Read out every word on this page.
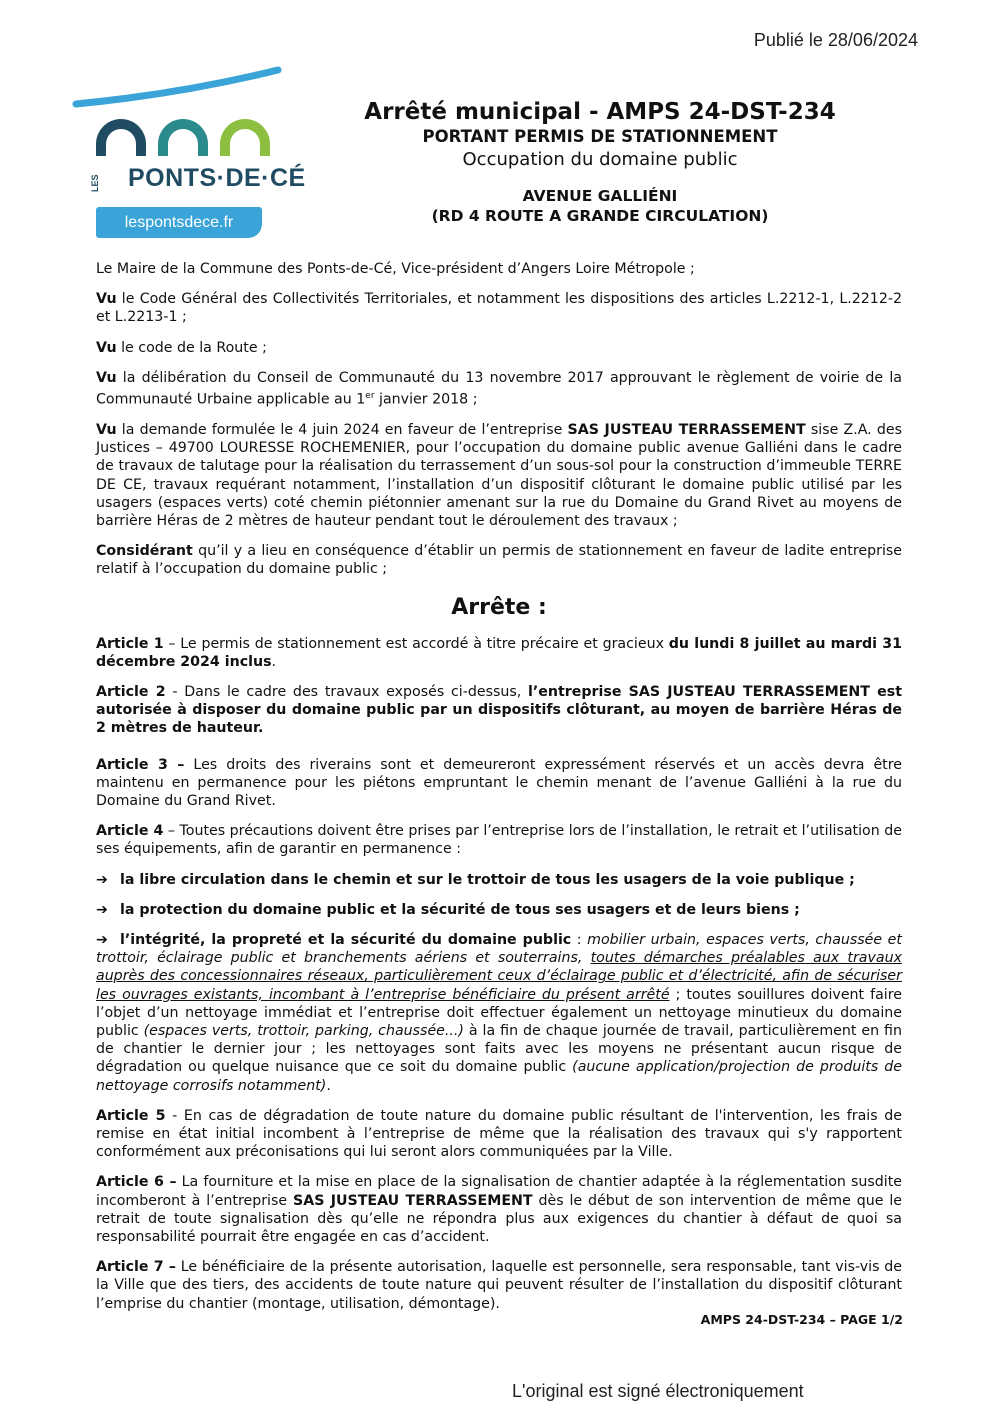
Publié le 28/06/2024
LES PONTS·DE·CÉ
lespontsdece.fr
Arrêté municipal - AMPS 24-DST-234
PORTANT PERMIS DE STATIONNEMENT
Occupation du domaine public
AVENUE GALLIÉNI
(RD 4 ROUTE A GRANDE CIRCULATION)

Le Maire de la Commune des Ponts-de-Cé, Vice-président d’Angers Loire Métropole ;

Vu le Code Général des Collectivités Territoriales, et notamment les dispositions des articles L.2212-1, L.2212-2 et L.2213-1 ;

Vu le code de la Route ;

Vu la délibération du Conseil de Communauté du 13 novembre 2017 approuvant le règlement de voirie de la Communauté Urbaine applicable au 1er janvier 2018 ;

Vu la demande formulée le 4 juin 2024 en faveur de l’entreprise SAS JUSTEAU TERRASSEMENT sise Z.A. des Justices – 49700 LOURESSE ROCHEMENIER, pour l’occupation du domaine public avenue Galliéni dans le cadre de travaux de talutage pour la réalisation du terrassement d’un sous-sol pour la construction d’immeuble TERRE DE CE, travaux requérant notamment, l’installation d’un dispositif clôturant le domaine public utilisé par les usagers (espaces verts) coté chemin piétonnier amenant sur la rue du Domaine du Grand Rivet au moyens de barrière Héras de 2 mètres de hauteur pendant tout le déroulement des travaux ;

Considérant qu’il y a lieu en conséquence d’établir un permis de stationnement en faveur de ladite entreprise relatif à l’occupation du domaine public ;

Arrête :

Article 1 – Le permis de stationnement est accordé à titre précaire et gracieux du lundi 8 juillet au mardi 31 décembre 2024 inclus.

Article 2 - Dans le cadre des travaux exposés ci-dessus, l’entreprise SAS JUSTEAU TERRASSEMENT est autorisée à disposer du domaine public par un dispositifs clôturant, au moyen de barrière Héras de 2 mètres de hauteur.

Article 3 – Les droits des riverains sont et demeureront expressément réservés et un accès devra être maintenu en permanence pour les piétons empruntant le chemin menant de l’avenue Galliéni à la rue du Domaine du Grand Rivet.

Article 4 – Toutes précautions doivent être prises par l’entreprise lors de l’installation, le retrait et l’utilisation de ses équipements, afin de garantir en permanence :

➔ la libre circulation dans le chemin et sur le trottoir de tous les usagers de la voie publique ;

➔ la protection du domaine public et la sécurité de tous ses usagers et de leurs biens ;

➔ l’intégrité, la propreté et la sécurité du domaine public : mobilier urbain, espaces verts, chaussée et trottoir, éclairage public et branchements aériens et souterrains, toutes démarches préalables aux travaux auprès des concessionnaires réseaux, particulièrement ceux d’éclairage public et d’électricité, afin de sécuriser les ouvrages existants, incombant à l’entreprise bénéficiaire du présent arrêté ; toutes souillures doivent faire l’objet d’un nettoyage immédiat et l’entreprise doit effectuer également un nettoyage minutieux du domaine public (espaces verts, trottoir, parking, chaussée...) à la fin de chaque journée de travail, particulièrement en fin de chantier le dernier jour ; les nettoyages sont faits avec les moyens ne présentant aucun risque de dégradation ou quelque nuisance que ce soit du domaine public (aucune application/projection de produits de nettoyage corrosifs notamment).

Article 5 - En cas de dégradation de toute nature du domaine public résultant de l'intervention, les frais de remise en état initial incombent à l’entreprise de même que la réalisation des travaux qui s'y rapportent conformément aux préconisations qui lui seront alors communiquées par la Ville.

Article 6 – La fourniture et la mise en place de la signalisation de chantier adaptée à la réglementation susdite incomberont à l’entreprise SAS JUSTEAU TERRASSEMENT dès le début de son intervention de même que le retrait de toute signalisation dès qu’elle ne répondra plus aux exigences du chantier à défaut de quoi sa responsabilité pourrait être engagée en cas d’accident.

Article 7 – Le bénéficiaire de la présente autorisation, laquelle est personnelle, sera responsable, tant vis-vis de la Ville que des tiers, des accidents de toute nature qui peuvent résulter de l’installation du dispositif clôturant l’emprise du chantier (montage, utilisation, démontage).

AMPS 24-DST-234 – PAGE 1/2
L'original est signé électroniquement
